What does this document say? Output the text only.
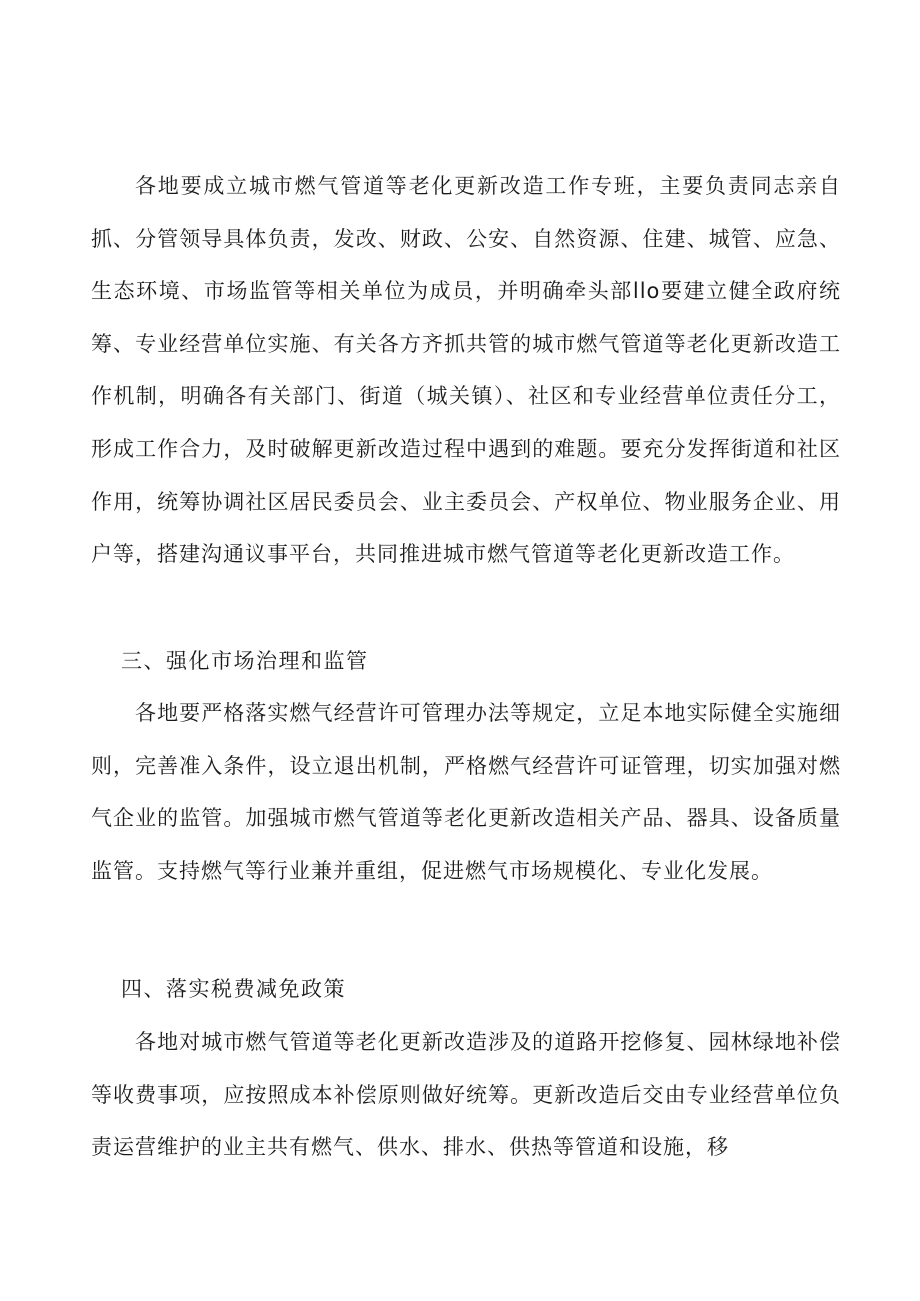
各地要成立城市燃气管道等老化更新改造工作专班，主要负责同志亲自抓、分管领导具体负责，发改、财政、公安、自然资源、住建、城管、应急、生态环境、市场监管等相关单位为成员，并明确牵头部llo要建立健全政府统筹、专业经营单位实施、有关各方齐抓共管的城市燃气管道等老化更新改造工作机制，明确各有关部门、街道（城关镇）、社区和专业经营单位责任分工，形成工作合力，及时破解更新改造过程中遇到的难题。要充分发挥街道和社区作用，统筹协调社区居民委员会、业主委员会、产权单位、物业服务企业、用户等，搭建沟通议事平台，共同推进城市燃气管道等老化更新改造工作。

三、强化市场治理和监管

各地要严格落实燃气经营许可管理办法等规定，立足本地实际健全实施细则，完善准入条件，设立退出机制，严格燃气经营许可证管理，切实加强对燃气企业的监管。加强城市燃气管道等老化更新改造相关产品、器具、设备质量监管。支持燃气等行业兼并重组，促进燃气市场规模化、专业化发展。

四、落实税费减免政策

各地对城市燃气管道等老化更新改造涉及的道路开挖修复、园林绿地补偿等收费事项，应按照成本补偿原则做好统筹。更新改造后交由专业经营单位负责运营维护的业主共有燃气、供水、排水、供热等管道和设施，移
